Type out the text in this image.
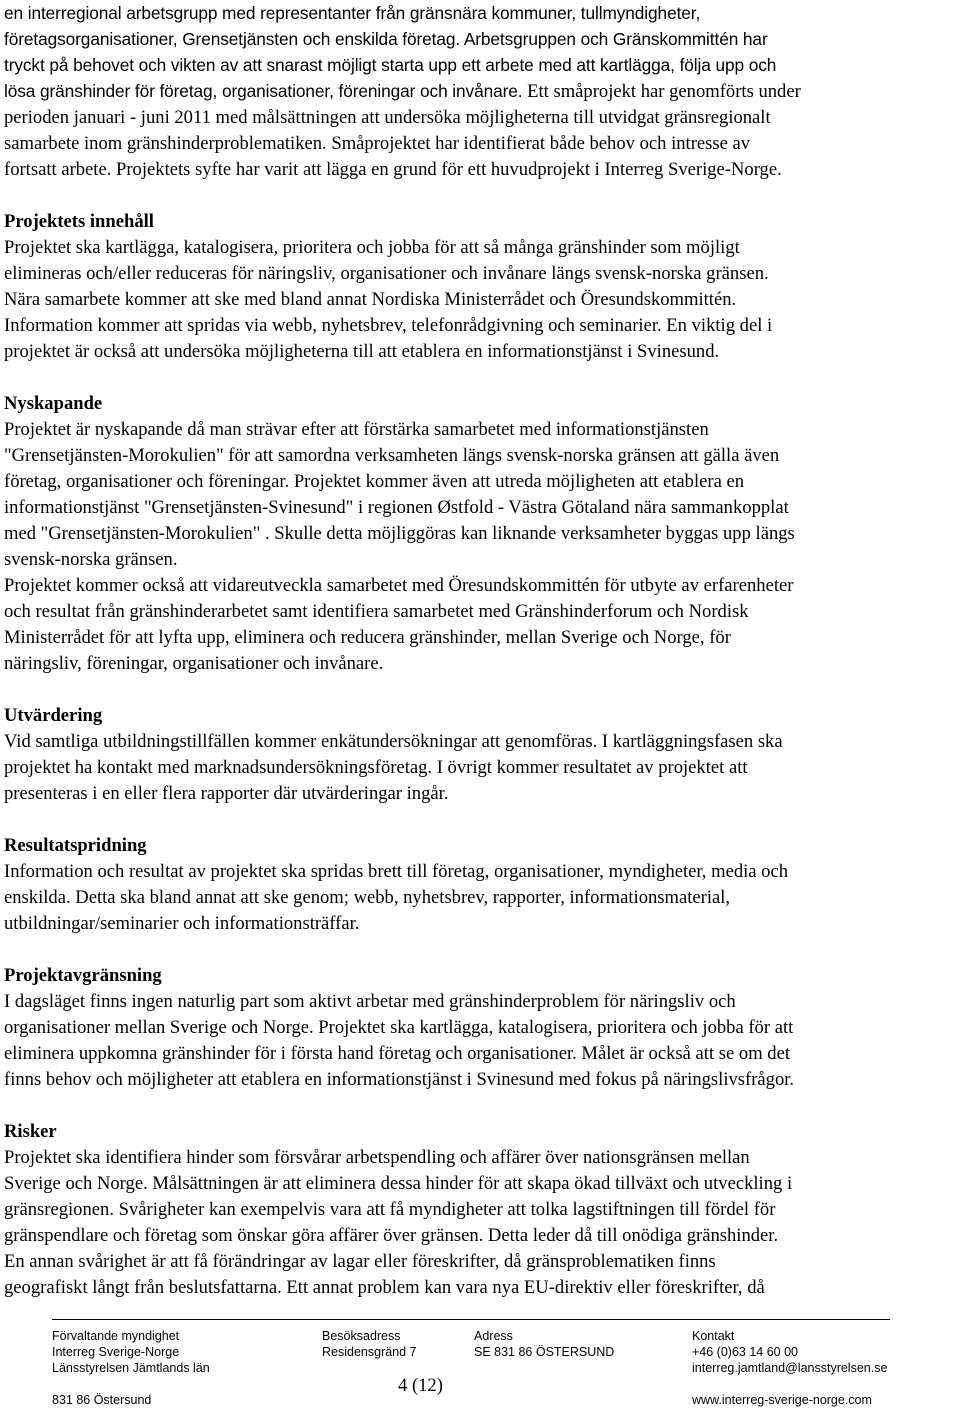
en interregional arbetsgrupp med representanter från gränsnära kommuner, tullmyndigheter,
företagsorganisationer, Grensetjänsten och enskilda företag. Arbetsgruppen och Gränskommittén har
tryckt på behovet och vikten av att snarast möjligt starta upp ett arbete med att kartlägga, följa upp och
lösa gränshinder för företag, organisationer, föreningar och invånare. Ett småprojekt har genomförts under
perioden januari - juni 2011 med målsättningen att undersöka möjligheterna till utvidgat gränsregionalt
samarbete inom gränshinderproblematiken. Småprojektet har identifierat både behov och intresse av
fortsatt arbete. Projektets syfte har varit att lägga en grund för ett huvudprojekt i Interreg Sverige-Norge.

Projektets innehåll
Projektet ska kartlägga, katalogisera, prioritera och jobba för att så många gränshinder som möjligt
elimineras och/eller reduceras för näringsliv, organisationer och invånare längs svensk-norska gränsen.
Nära samarbete kommer att ske med bland annat Nordiska Ministerrådet och Öresundskommittén.
Information kommer att spridas via webb, nyhetsbrev, telefonrådgivning och seminarier. En viktig del i
projektet är också att undersöka möjligheterna till att etablera en informationstjänst i Svinesund.
Nyskapande
Projektet är nyskapande då man strävar efter att förstärka samarbetet med informationstjänsten
"Grensetjänsten-Morokulien" för att samordna verksamheten längs svensk-norska gränsen att gälla även
företag, organisationer och föreningar. Projektet kommer även att utreda möjligheten att etablera en
informationstjänst "Grensetjänsten-Svinesund" i regionen Østfold - Västra Götaland nära sammankopplat
med "Grensetjänsten-Morokulien" . Skulle detta möjliggöras kan liknande verksamheter byggas upp längs
svensk-norska gränsen.
Projektet kommer också att vidareutveckla samarbetet med Öresundskommittén för utbyte av erfarenheter
och resultat från gränshinderarbetet samt identifiera samarbetet med Gränshinderforum och Nordisk
Ministerrådet för att lyfta upp, eliminera och reducera gränshinder, mellan Sverige och Norge, för
näringsliv, föreningar, organisationer och invånare.
Utvärdering
Vid samtliga utbildningstillfällen kommer enkätundersökningar att genomföras. I kartläggningsfasen ska
projektet ha kontakt med marknadsundersökningsföretag. I övrigt kommer resultatet av projektet att
presenteras i en eller flera rapporter där utvärderingar ingår.
Resultatspridning
Information och resultat av projektet ska spridas brett till företag, organisationer, myndigheter, media och
enskilda. Detta ska bland annat att ske genom; webb, nyhetsbrev, rapporter, informationsmaterial,
utbildningar/seminarier och informationsträffar.
Projektavgränsning
I dagsläget finns ingen naturlig part som aktivt arbetar med gränshinderproblem för näringsliv och
organisationer mellan Sverige och Norge. Projektet ska kartlägga, katalogisera, prioritera och jobba för att
eliminera uppkomna gränshinder för i första hand företag och organisationer. Målet är också att se om det
finns behov och möjligheter att etablera en informationstjänst i Svinesund med fokus på näringslivsfrågor.
Risker
Projektet ska identifiera hinder som försvårar arbetspendling och affärer över nationsgränsen mellan
Sverige och Norge. Målsättningen är att eliminera dessa hinder för att skapa ökad tillväxt och utveckling i
gränsregionen. Svårigheter kan exempelvis vara att få myndigheter att tolka lagstiftningen till fördel för
gränspendlare och företag som önskar göra affärer över gränsen. Detta leder då till onödiga gränshinder.
En annan svårighet är att få förändringar av lagar eller föreskrifter, då gränsproblematiken finns
geografiskt långt från beslutsfattarna. Ett annat problem kan vara nya EU-direktiv eller föreskrifter, då
Förvaltande myndighet
Interreg Sverige-Norge
Länsstyrelsen Jämtlands län

831 86 Östersund
Besöksadress
Residensgränd 7
Adress
SE 831 86 ÖSTERSUND
Kontakt
+46 (0)63 14 60 00
interreg.jamtland@lansstyrelsen.se

www.interreg-sverige-norge.com
4 (12)
